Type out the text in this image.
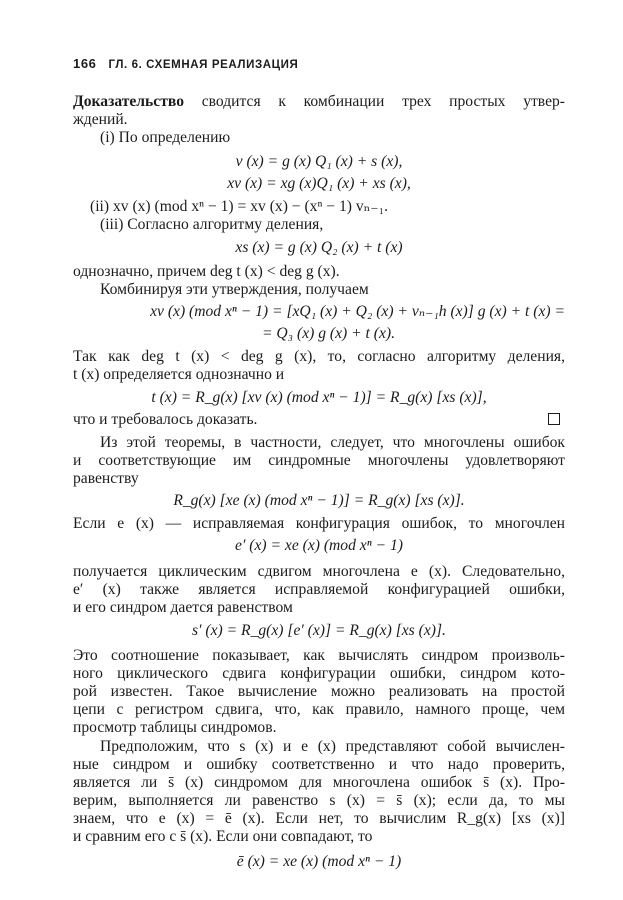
166 ГЛ. 6. СХЕМНАЯ РЕАЛИЗАЦИЯ

Доказательство сводится к комбинации трех простых утвер-

ждений.

(i) По определению

v (x) = g (x) Q₁ (x) + s (x),

xv (x) = xg (x)Q₁ (x) + xs (x),

(ii) xv (x) (mod xⁿ − 1) = xv (x) − (xⁿ − 1) vₙ₋₁.

(iii) Согласно алгоритму деления,

xs (x) = g (x) Q₂ (x) + t (x)

однозначно, причем deg t (x) < deg g (x).

Комбинируя эти утверждения, получаем

xv (x) (mod xⁿ − 1) = [xQ₁ (x) + Q₂ (x) + vₙ₋₁h (x)] g (x) + t (x) =

= Q₃ (x) g (x) + t (x).

Так как deg t (x) < deg g (x), то, согласно алгоритму деления,

t (x) определяется однозначно и

t (x) = R_g(x) [xv (x) (mod xⁿ − 1)] = R_g(x) [xs (x)],

что и требовалось доказать.

Из этой теоремы, в частности, следует, что многочлены ошибок

и соответствующие им синдромные многочлены удовлетворяют

равенству

R_g(x) [xe (x) (mod xⁿ − 1)] = R_g(x) [xs (x)].

Если e (x) — исправляемая конфигурация ошибок, то многочлен

e′ (x) = xe (x) (mod xⁿ − 1)

получается циклическим сдвигом многочлена e (x). Следовательно,

e′ (x) также является исправляемой конфигурацией ошибки,

и его синдром дается равенством

s′ (x) = R_g(x) [e′ (x)] = R_g(x) [xs (x)].

Это соотношение показывает, как вычислять синдром произволь-

ного циклического сдвига конфигурации ошибки, синдром кото-

рой известен. Такое вычисление можно реализовать на простой

цепи с регистром сдвига, что, как правило, намного проще, чем

просмотр таблицы синдромов.

Предположим, что s (x) и e (x) представляют собой вычислен-

ные синдром и ошибку соответственно и что надо проверить,

является ли s̄ (x) синдромом для многочлена ошибок s̄ (x). Про-

верим, выполняется ли равенство s (x) = s̄ (x); если да, то мы

знаем, что e (x) = ē (x). Если нет, то вычислим R_g(x) [xs (x)]

и сравним его с s̄ (x). Если они совпадают, то

ē (x) = xe (x) (mod xⁿ − 1)
